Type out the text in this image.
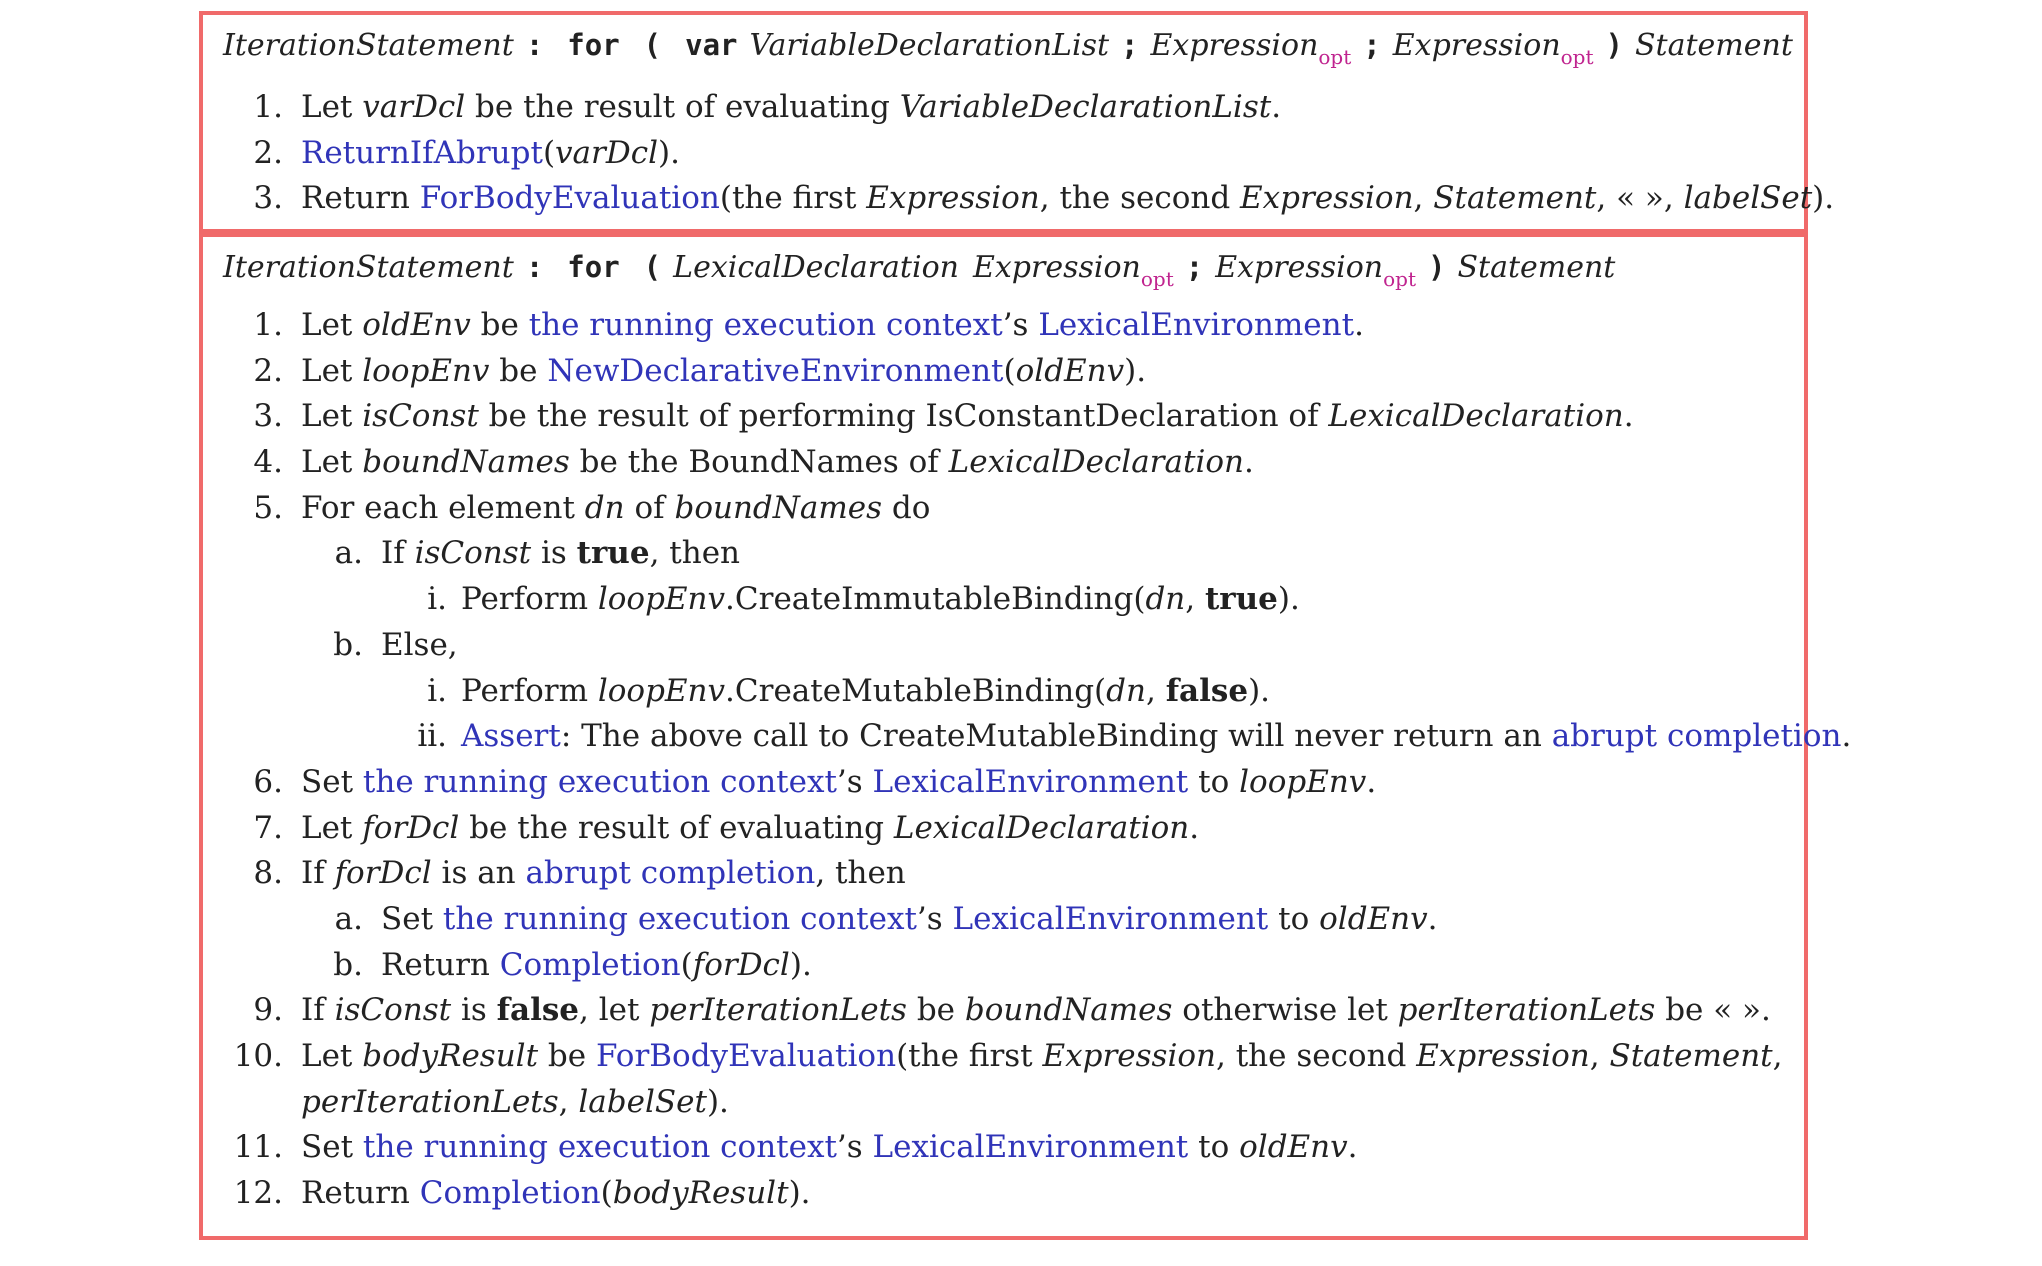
IterationStatement : for ( var VariableDeclarationList ; Expression$_{opt}$ ; Expression$_{opt}$ ) Statement
1. Let varDcl be the result of evaluating VariableDeclarationList.
2. ReturnIfAbrupt(varDcl).
3. Return ForBodyEvaluation(the first Expression, the second Expression, Statement, « », labelSet).
IterationStatement : for ( LexicalDeclaration Expression$_{opt}$ ; Expression$_{opt}$ ) Statement
1. Let oldEnv be the running execution context’s LexicalEnvironment.
2. Let loopEnv be NewDeclarativeEnvironment(oldEnv).
3. Let isConst be the result of performing IsConstantDeclaration of LexicalDeclaration.
4. Let boundNames be the BoundNames of LexicalDeclaration.
5. For each element dn of boundNames do
a. If isConst is true, then
i. Perform loopEnv.CreateImmutableBinding(dn, true).
b. Else,
i. Perform loopEnv.CreateMutableBinding(dn, false).
ii. Assert: The above call to CreateMutableBinding will never return an abrupt completion.
6. Set the running execution context’s LexicalEnvironment to loopEnv.
7. Let forDcl be the result of evaluating LexicalDeclaration.
8. If forDcl is an abrupt completion, then
a. Set the running execution context’s LexicalEnvironment to oldEnv.
b. Return Completion(forDcl).
9. If isConst is false, let perIterationLets be boundNames otherwise let perIterationLets be « ».
10. Let bodyResult be ForBodyEvaluation(the first Expression, the second Expression, Statement,
perIterationLets, labelSet).
11. Set the running execution context’s LexicalEnvironment to oldEnv.
12. Return Completion(bodyResult).
